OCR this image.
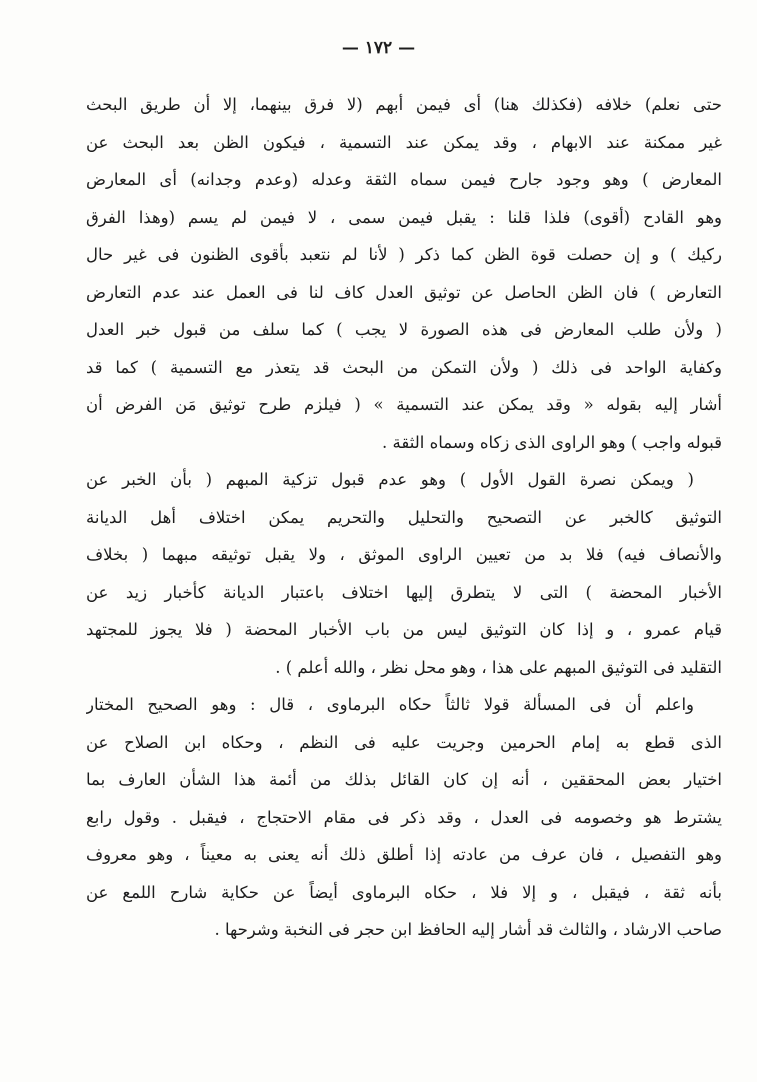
— ١٧٢ —
حتى نعلم) خلافه (فكذلك هنا) أى فيمن أبهم (لا فرق بينهما، إلا أن طريق البحث
غير ممكنة عند الابهام ، وقد يمكن عند التسمية ، فيكون الظن بعد البحث عن
المعارض ) وهو وجود جارح فيمن سماه الثقة وعدله (وعدم وجدانه) أى المعارض
وهو القادح (أقوى) فلذا قلنا : يقبل فيمن سمى ، لا فيمن لم يسم (وهذا الفرق
ركيك ) و إن حصلت قوة الظن كما ذكر ( لأنا لم نتعبد بأقوى الظنون فى غير حال
التعارض ) فان الظن الحاصل عن توثيق العدل كاف لنا فى العمل عند عدم التعارض
( ولأن طلب المعارض فى هذه الصورة لا يجب ) كما سلف من قبول خبر العدل
وكفاية الواحد فى ذلك ( ولأن التمكن من البحث قد يتعذر مع التسمية ) كما قد
أشار إليه بقوله « وقد يمكن عند التسمية » ( فيلزم طرح توثيق مَن الفرض أن
قبوله واجب ) وهو الراوى الذى زكاه وسماه الثقة .
( ويمكن نصرة القول الأول ) وهو عدم قبول تزكية المبهم ( بأن الخبر عن
التوثيق كالخبر عن التصحيح والتحليل والتحريم يمكن اختلاف أهل الديانة
والأنصاف فيه) فلا بد من تعيين الراوى الموثق ، ولا يقبل توثيقه مبهما ( بخلاف
الأخبار المحضة ) التى لا يتطرق إليها اختلاف باعتبار الديانة كأخبار زيد عن
قيام عمرو ، و إذا كان التوثيق ليس من باب الأخبار المحضة ( فلا يجوز للمجتهد
التقليد فى التوثيق المبهم على هذا ، وهو محل نظر ، والله أعلم ) .
واعلم أن فى المسألة قولا ثالثاً حكاه البرماوى ، قال : وهو الصحيح المختار
الذى قطع به إمام الحرمين وجريت عليه فى النظم ، وحكاه ابن الصلاح عن
اختيار بعض المحققين ، أنه إن كان القائل بذلك من أئمة هذا الشأن العارف بما
يشترط هو وخصومه فى العدل ، وقد ذكر فى مقام الاحتجاج ، فيقبل . وقول رابع
وهو التفصيل ، فان عرف من عادته إذا أطلق ذلك أنه يعنى به معيناً ، وهو معروف
بأنه ثقة ، فيقبل ، و إلا فلا ، حكاه البرماوى أيضاً عن حكاية شارح اللمع عن
صاحب الارشاد ، والثالث قد أشار إليه الحافظ ابن حجر فى النخبة وشرحها .
